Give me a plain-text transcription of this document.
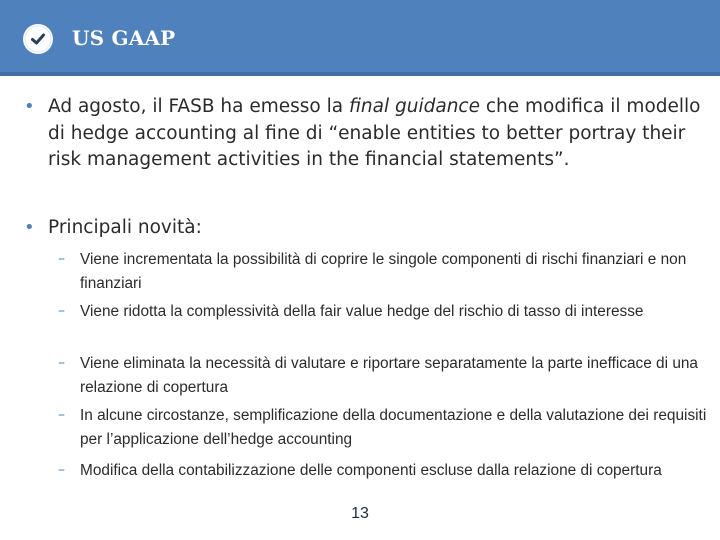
US GAAP
• Ad agosto, il FASB ha emesso la final guidance che modifica il modello di hedge accounting al fine di “enable entities to better portray their risk management activities in the financial statements”.
• Principali novità:
– Viene incrementata la possibilità di coprire le singole componenti di rischi finanziari e non finanziari
– Viene ridotta la complessività della fair value hedge del rischio di tasso di interesse
– Viene eliminata la necessità di valutare e riportare separatamente la parte inefficace di una relazione di copertura
– In alcune circostanze, semplificazione della documentazione e della valutazione dei requisiti per l’applicazione dell’hedge accounting
– Modifica della contabilizzazione delle componenti escluse dalla relazione di copertura
13
